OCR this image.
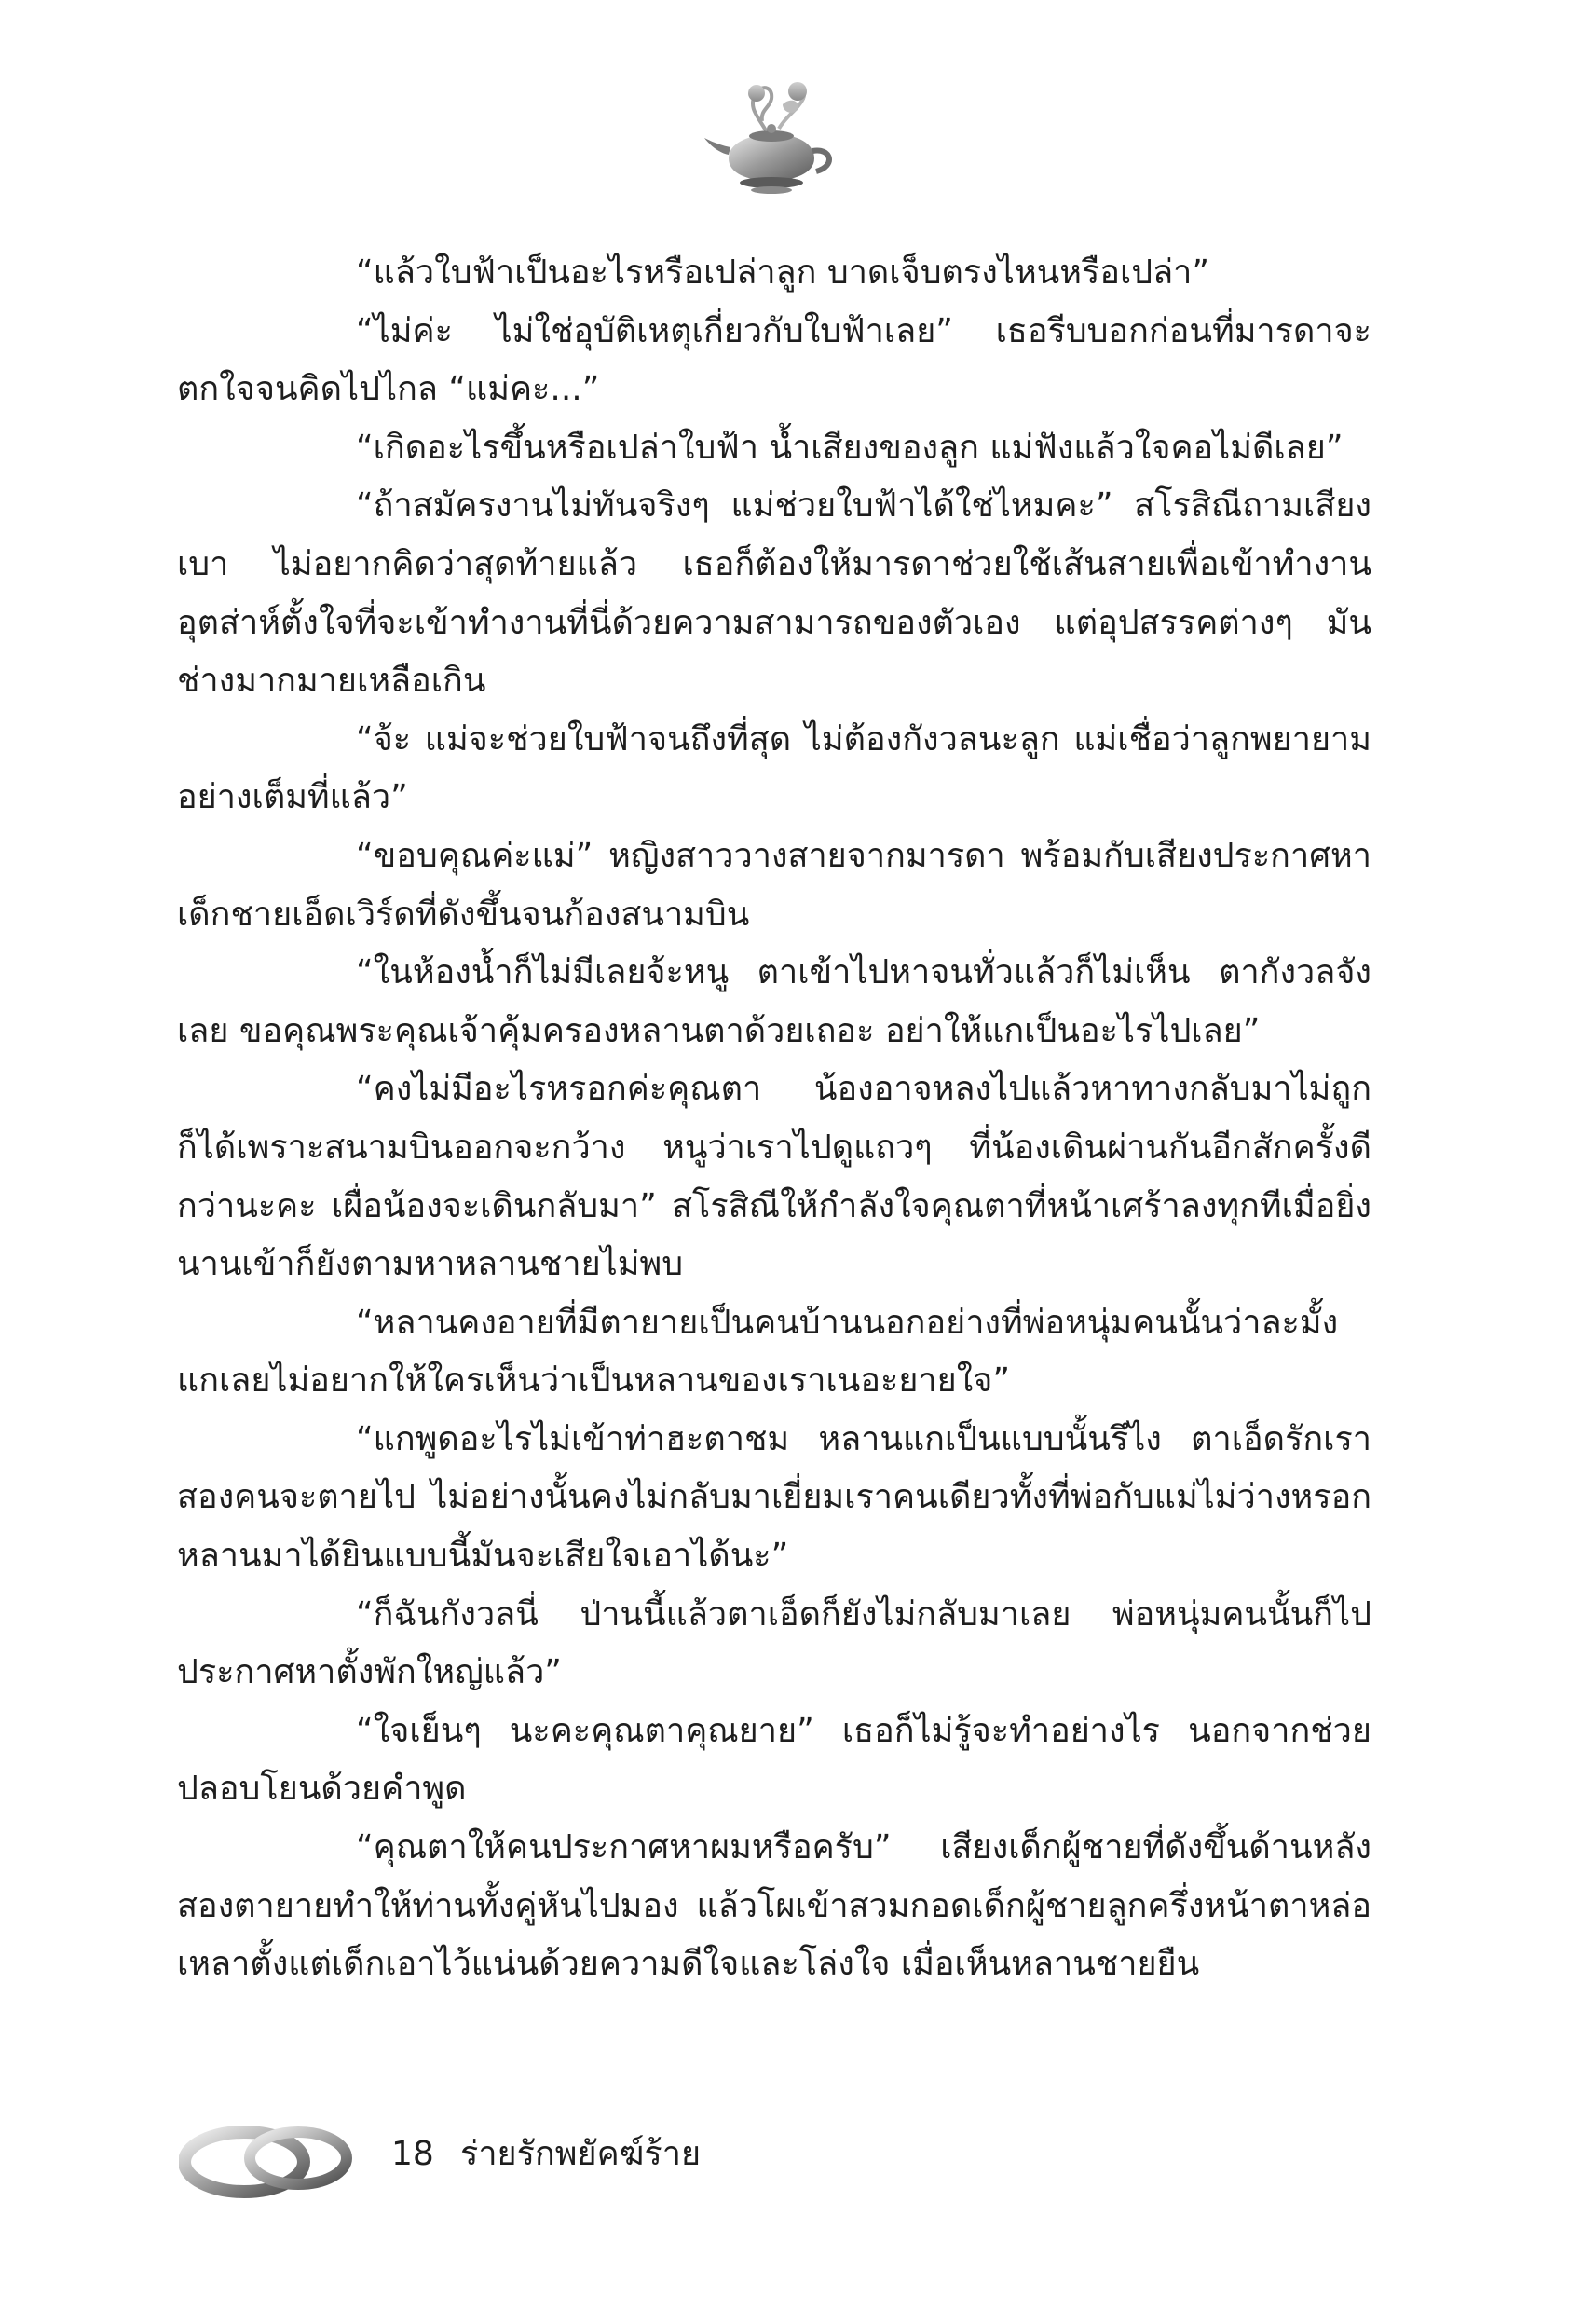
“แล้วใบฟ้าเป็นอะไรหรือเปล่าลูก บาดเจ็บตรงไหนหรือเปล่า”

“ไม่ค่ะ ไม่ใช่อุบัติเหตุเกี่ยวกับใบฟ้าเลย” เธอรีบบอกก่อนที่มารดาจะตกใจจนคิดไปไกล “แม่คะ...”

“เกิดอะไรขึ้นหรือเปล่าใบฟ้า น้ำเสียงของลูก แม่ฟังแล้วใจคอไม่ดีเลย”

“ถ้าสมัครงานไม่ทันจริงๆ แม่ช่วยใบฟ้าได้ใช่ไหมคะ” สโรสิณีถามเสียงเบา ไม่อยากคิดว่าสุดท้ายแล้ว เธอก็ต้องให้มารดาช่วยใช้เส้นสายเพื่อเข้าทำงาน อุตส่าห์ตั้งใจที่จะเข้าทำงานที่นี่ด้วยความสามารถของตัวเอง แต่อุปสรรคต่างๆ มันช่างมากมายเหลือเกิน

“จ้ะ แม่จะช่วยใบฟ้าจนถึงที่สุด ไม่ต้องกังวลนะลูก แม่เชื่อว่าลูกพยายามอย่างเต็มที่แล้ว”

“ขอบคุณค่ะแม่” หญิงสาววางสายจากมารดา พร้อมกับเสียงประกาศหาเด็กชายเอ็ดเวิร์ดที่ดังขึ้นจนก้องสนามบิน

“ในห้องน้ำก็ไม่มีเลยจ้ะหนู ตาเข้าไปหาจนทั่วแล้วก็ไม่เห็น ตากังวลจังเลย ขอคุณพระคุณเจ้าคุ้มครองหลานตาด้วยเถอะ อย่าให้แกเป็นอะไรไปเลย”

“คงไม่มีอะไรหรอกค่ะคุณตา น้องอาจหลงไปแล้วหาทางกลับมาไม่ถูกก็ได้เพราะสนามบินออกจะกว้าง หนูว่าเราไปดูแถวๆ ที่น้องเดินผ่านกันอีกสักครั้งดีกว่านะคะ เผื่อน้องจะเดินกลับมา” สโรสิณีให้กำลังใจคุณตาที่หน้าเศร้าลงทุกทีเมื่อยิ่งนานเข้าก็ยังตามหาหลานชายไม่พบ

“หลานคงอายที่มีตายายเป็นคนบ้านนอกอย่างที่พ่อหนุ่มคนนั้นว่าละมั้ง แกเลยไม่อยากให้ใครเห็นว่าเป็นหลานของเราเนอะยายใจ”

“แกพูดอะไรไม่เข้าท่าฮะตาชม หลานแกเป็นแบบนั้นรึไง ตาเอ็ดรักเราสองคนจะตายไป ไม่อย่างนั้นคงไม่กลับมาเยี่ยมเราคนเดียวทั้งที่พ่อกับแม่ไม่ว่างหรอก หลานมาได้ยินแบบนี้มันจะเสียใจเอาได้นะ”

“ก็ฉันกังวลนี่ ป่านนี้แล้วตาเอ็ดก็ยังไม่กลับมาเลย พ่อหนุ่มคนนั้นก็ไปประกาศหาตั้งพักใหญ่แล้ว”

“ใจเย็นๆ นะคะคุณตาคุณยาย” เธอก็ไม่รู้จะทำอย่างไร นอกจากช่วยปลอบโยนด้วยคำพูด

“คุณตาให้คนประกาศหาผมหรือครับ” เสียงเด็กผู้ชายที่ดังขึ้นด้านหลังสองตายายทำให้ท่านทั้งคู่หันไปมอง แล้วโผเข้าสวมกอดเด็กผู้ชายลูกครึ่งหน้าตาหล่อเหลาตั้งแต่เด็กเอาไว้แน่นด้วยความดีใจและโล่งใจ เมื่อเห็นหลานชายยืน

18 ร่ายรักพยัคฆ์ร้าย
